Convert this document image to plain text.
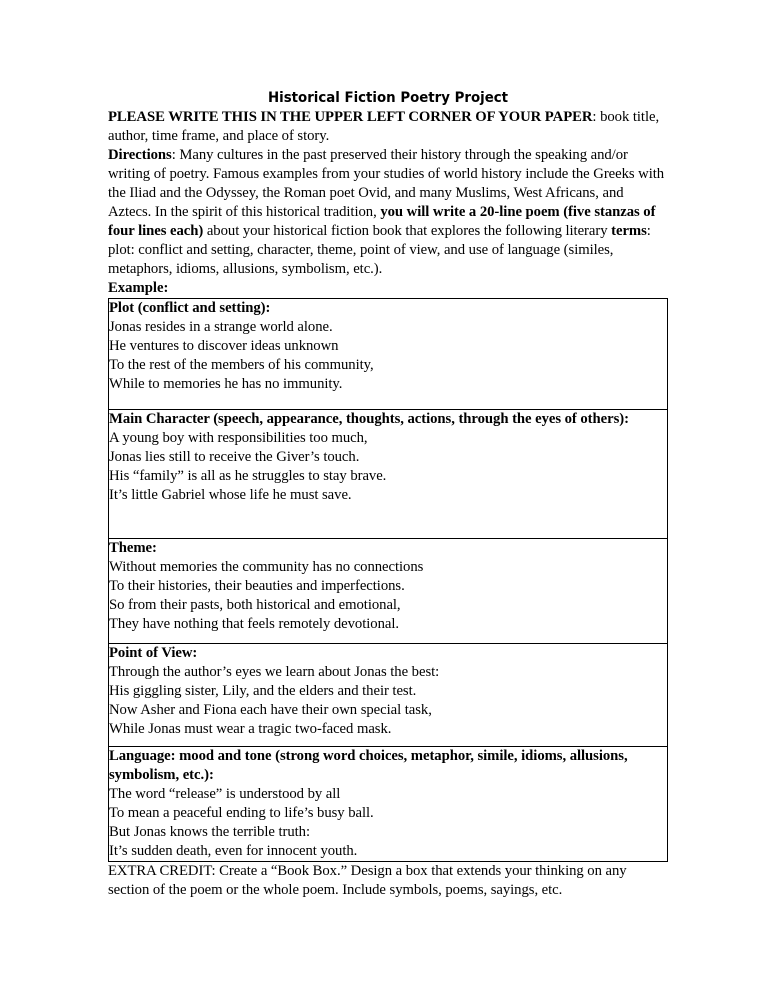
Historical Fiction Poetry Project

PLEASE WRITE THIS IN THE UPPER LEFT CORNER OF YOUR PAPER: book title, author, time frame, and place of story.

Directions: Many cultures in the past preserved their history through the speaking and/or writing of poetry. Famous examples from your studies of world history include the Greeks with the Iliad and the Odyssey, the Roman poet Ovid, and many Muslims, West Africans, and Aztecs. In the spirit of this historical tradition, you will write a 20-line poem (five stanzas of four lines each) about your historical fiction book that explores the following literary terms: plot: conflict and setting, character, theme, point of view, and use of language (similes, metaphors, idioms, allusions, symbolism, etc.).

Example:
Plot (conflict and setting):
Jonas resides in a strange world alone.
He ventures to discover ideas unknown
To the rest of the members of his community,
While to memories he has no immunity.

Main Character (speech, appearance, thoughts, actions, through the eyes of others):
A young boy with responsibilities too much,
Jonas lies still to receive the Giver’s touch.
His “family” is all as he struggles to stay brave.
It’s little Gabriel whose life he must save.

Theme:
Without memories the community has no connections
To their histories, their beauties and imperfections.
So from their pasts, both historical and emotional,
They have nothing that feels remotely devotional.

Point of View:
Through the author’s eyes we learn about Jonas the best:
His giggling sister, Lily, and the elders and their test.
Now Asher and Fiona each have their own special task,
While Jonas must wear a tragic two-faced mask.

Language: mood and tone (strong word choices, metaphor, simile, idioms, allusions, symbolism, etc.):
The word “release” is understood by all
To mean a peaceful ending to life’s busy ball.
But Jonas knows the terrible truth:
It’s sudden death, even for innocent youth.

EXTRA CREDIT: Create a “Book Box.” Design a box that extends your thinking on any section of the poem or the whole poem. Include symbols, poems, sayings, etc.
